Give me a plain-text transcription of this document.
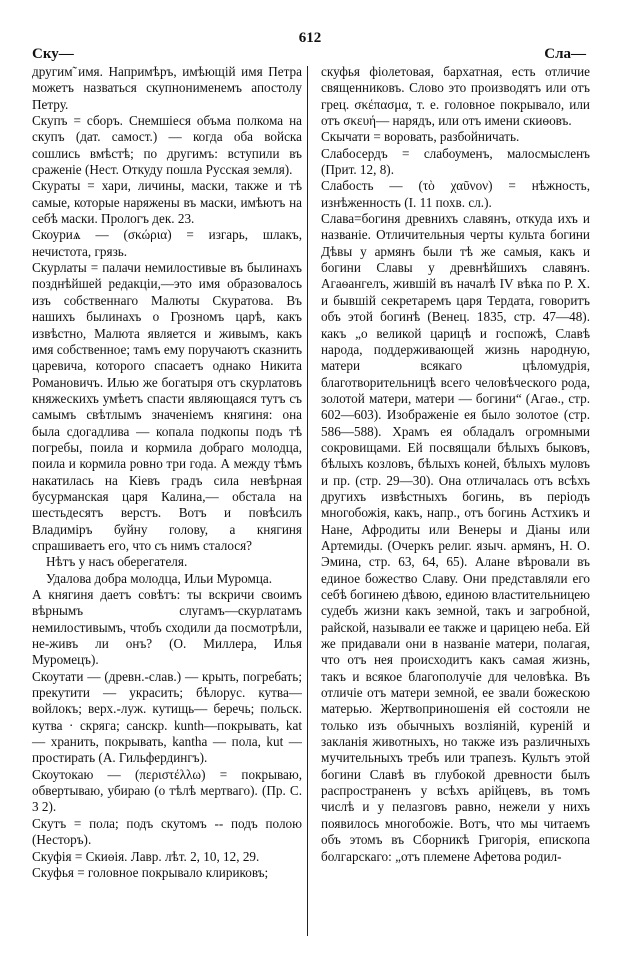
612
Ску—	Сла—

другим̃ имя. Напримѣръ, имѣющій имя Петра можетъ назваться скупнонименемъ апостолу Петру.

Скупъ = сборъ. Снемшіеся объма полкома на скупъ (дат. самост.) — когда оба войска сошлись вмѣстѣ; по другимъ: вступили въ сраженіе (Нест. Откуду пошла Русская земля).

Скураты = хари, личины, маски, также и тѣ самые, которые наряжены въ маски, имѣютъ на себѣ маски. Прологъ дек. 23.

Скоуриѧ — (σκώρια) = изгарь, шлакъ, нечистота, грязь.

Скурлаты = палачи немилостивые въ былинахъ позднѣйшей редакціи,—это имя образовалось изъ собственнаго Малюты Скуратова. Въ нашихъ былинахъ о Грозномъ царѣ, какъ извѣстно, Малюта является и живымъ, какъ имя собственное; тамъ ему поручаютъ сказнить царевича, которого спасаетъ однако Никита Романовичъ. Илью же богатыря отъ скурлатовъ княжескихъ умѣетъ спасти являющаяся тутъ съ самымъ свѣтлымъ значеніемъ княгиня: она была сдогадлива — копала подкопы подъ тѣ погребы, поила и кормила добраго молодца, поила и кормила ровно три года. А между тѣмъ накатилась на Кіевъ градъ сила невѣрная бусурманская царя Калина,— обстала на шестьдесятъ верстъ. Вотъ и повѣсилъ Владиміръ буйну голову, а княгиня спрашиваетъ его, что съ нимъ сталося?

Нѣтъ у насъ оберегателя.

Удалова добра молодца, Ильи Муромца.

А княгиня даетъ совѣтъ: ты вскричи своимъ вѣрнымъ слугамъ—скурлатамъ немилостивымъ, чтобъ сходили да посмотрѣли, не-живъ ли онъ? (О. Миллера, Илья Муромецъ).

Скоутати — (древн.-слав.) — крыть, погребать; прекутити — украсить; бѣлорус. кутва—войлокъ; верх.-луж. кутищь— беречь; польск. кутва · скряга; санскр. kunth—покрывать, kat — хранить, покрывать, kantha — пола, kut — простирать (А. Гильфердингъ).

Скоутокаю — (περιστέλλω) = покрываю, обвертываю, убираю (о тѣлѣ мертваго). (Пр. С. 3 2).

Скутъ = пола; подъ скутомъ -- подъ полою (Несторъ).

Скуфія = Скиѳія. Лавр. лѣт. 2, 10, 12, 29.

Скуфья = головное покрывало клириковъ;

скуфья фіолетовая, бархатная, есть отличие священниковъ. Слово это производятъ или отъ грец. σκέπασμα, т. е. головное покрывало, или отъ σκευή— нарядъ, или отъ имени скиѳовъ.

Скычати = воровать, разбойничать.

Слабосердъ = слабоуменъ, малосмысленъ (Прит. 12, 8).

Слабость — (τὸ χαῦνον) = нѣжность, изнѣженность (I. 11 похв. сл.).

Слава=богиня древнихъ славянъ, откуда ихъ и названіе. Отличительныя черты культа богини Дѣвы у армянъ были тѣ же самыя, какъ и богини Славы у древнѣйшихъ славянъ. Агаѳангелъ, жившій въ началѣ IV вѣка по Р. Х. и бывшій секретаремъ царя Тердата, говоритъ объ этой богинѣ (Венец. 1835, стр. 47—48). какъ „о великой царицѣ и госпожѣ, Славѣ народа, поддерживающей жизнь народную, матери всякаго цѣломудрія, благотворительницѣ всего человѣческого рода, золотой матери, матери — богини“ (Агаѳ., стр. 602—603). Изображеніе ея было золотое (стр. 586—588). Храмъ ея обладалъ огромными сокровищами. Ей посвящали бѣлыхъ быковъ, бѣлыхъ козловъ, бѣлыхъ коней, бѣлыхъ муловъ и пр. (стр. 29—30). Она отличалась отъ всѣхъ другихъ извѣстныхъ богинь, въ періодъ многобожія, какъ, напр., отъ богинь Астхикъ и Нане, Афродиты или Венеры и Діаны или Артемиды. (Очеркъ религ. языч. армянъ, Н. О. Эмина, стр. 63, 64, 65). Аланe вѣровали въ единое божество Славу. Они представляли его себѣ богинею дѣвою, единою властительницею судебъ жизни какъ земной, такъ и загробной, райской, называли ее также и царицею неба. Ей же придавали они в названіе матери, полагая, что отъ нея происходитъ какъ самая жизнь, такъ и всякое благополучіе для человѣка. Въ отличіе отъ матери земной, ее звали божескою матерью. Жертвоприношенія ей состояли не только изъ обычныхъ возліяній, куреній и закланія животныхъ, но также изъ различныхъ мучительныхъ требъ или трапезъ. Культъ этой богини Славѣ въ глубокой древности былъ распространенъ у всѣхъ арійцевъ, въ томъ числѣ и у пелазговъ равно, нежели у нихъ появилось многобожіе. Вотъ, что мы читаемъ объ этомъ въ Сборникѣ Григорія, епископа болгарскаго: „отъ племене Афетова родил-
